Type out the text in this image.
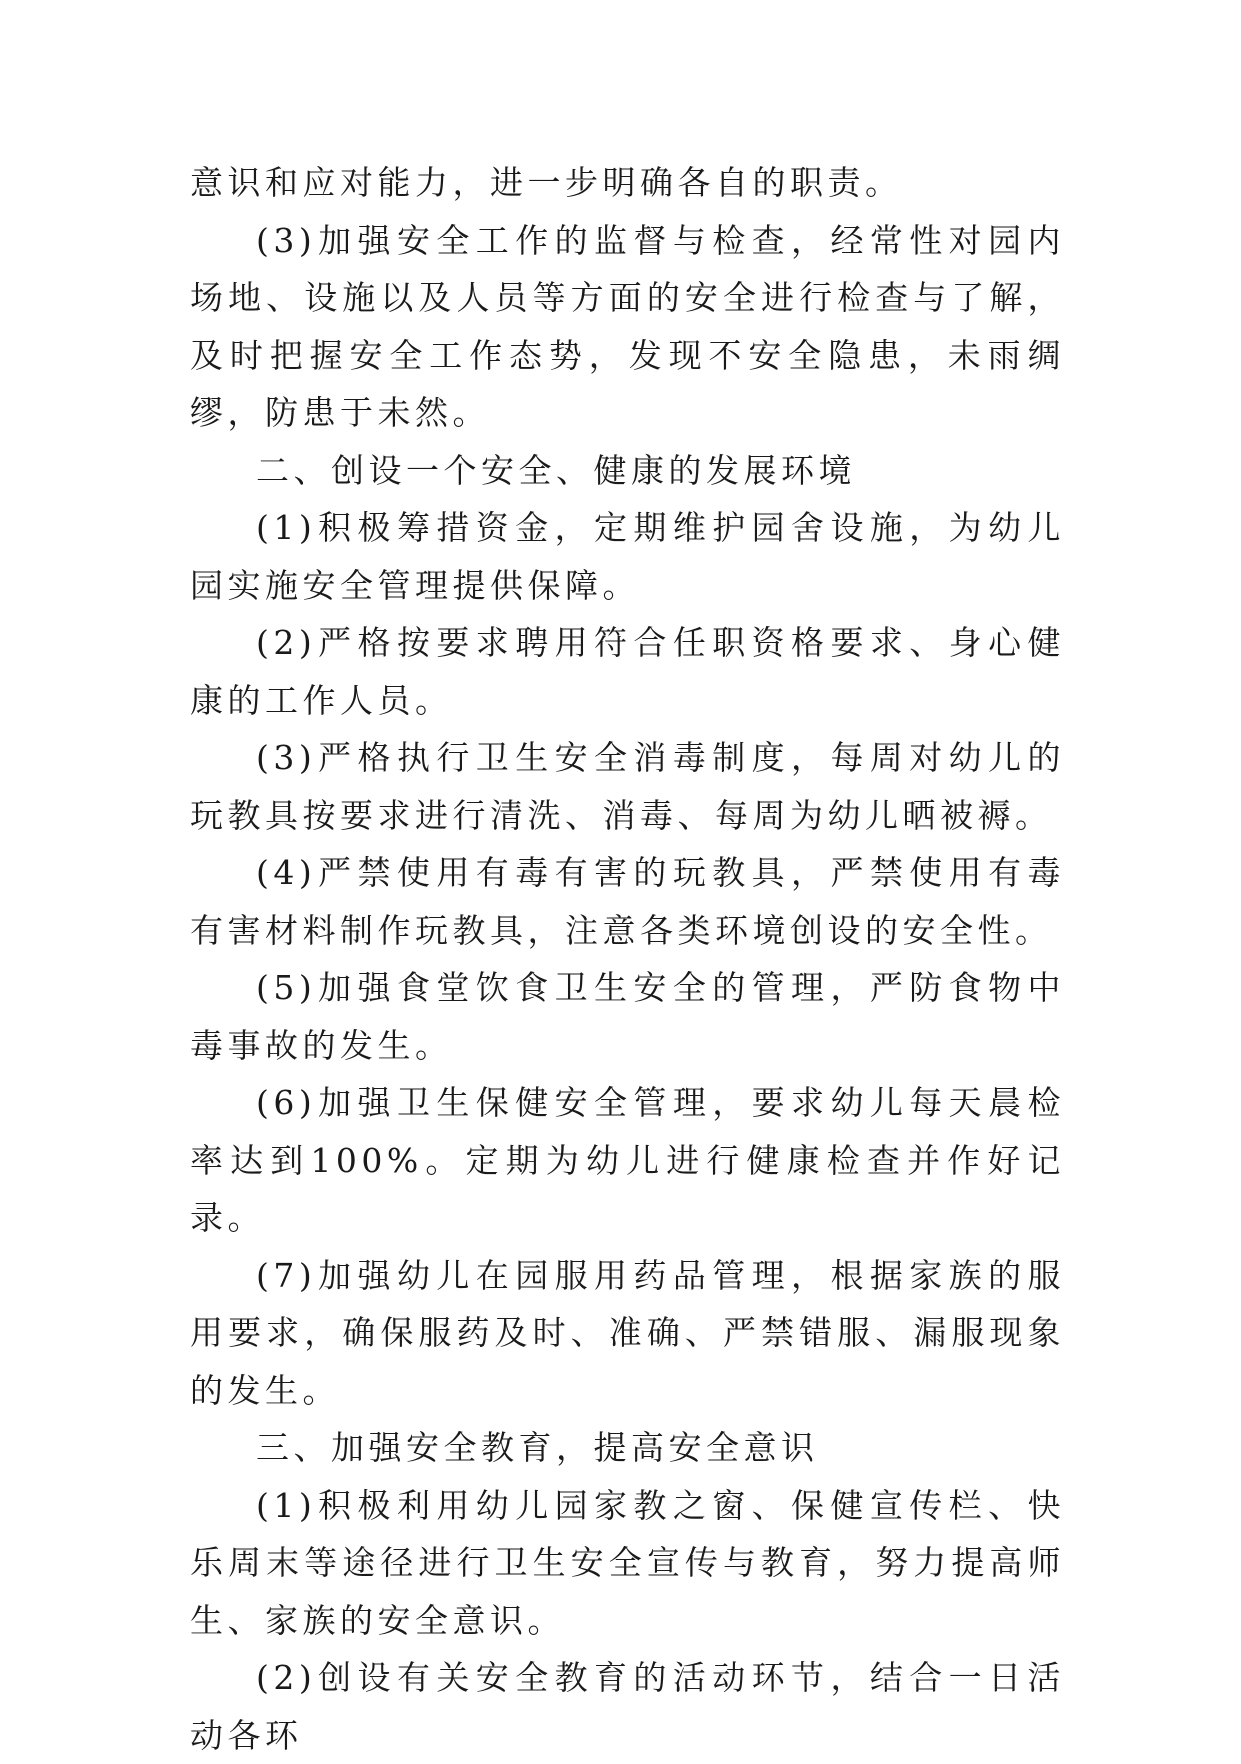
意识和应对能力，进一步明确各自的职责。

(3)加强安全工作的监督与检查，经常性对园内场地、设施以及人员等方面的安全进行检查与了解，及时把握安全工作态势，发现不安全隐患，未雨绸缪，防患于未然。

二、创设一个安全、健康的发展环境

(1)积极筹措资金，定期维护园舍设施，为幼儿园实施安全管理提供保障。

(2)严格按要求聘用符合任职资格要求、身心健康的工作人员。

(3)严格执行卫生安全消毒制度，每周对幼儿的玩教具按要求进行清洗、消毒、每周为幼儿晒被褥。

(4)严禁使用有毒有害的玩教具，严禁使用有毒有害材料制作玩教具，注意各类环境创设的安全性。

(5)加强食堂饮食卫生安全的管理，严防食物中毒事故的发生。

(6)加强卫生保健安全管理，要求幼儿每天晨检率达到100%。定期为幼儿进行健康检查并作好记录。

(7)加强幼儿在园服用药品管理，根据家族的服用要求，确保服药及时、准确、严禁错服、漏服现象的发生。

三、加强安全教育，提高安全意识

(1)积极利用幼儿园家教之窗、保健宣传栏、快乐周末等途径进行卫生安全宣传与教育，努力提高师生、家族的安全意识。

(2)创设有关安全教育的活动环节，结合一日活动各环
